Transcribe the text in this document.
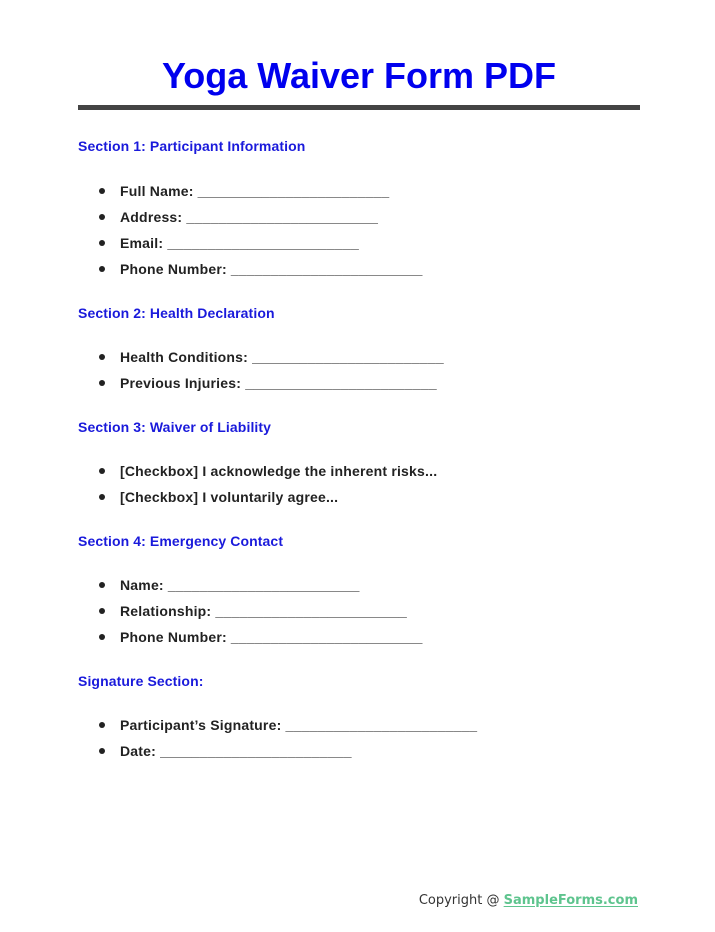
Yoga Waiver Form PDF
Section 1: Participant Information
Full Name: ________________________
Address: ________________________
Email: ________________________
Phone Number: ________________________
Section 2: Health Declaration
Health Conditions: ________________________
Previous Injuries: ________________________
Section 3: Waiver of Liability
[Checkbox] I acknowledge the inherent risks...
[Checkbox] I voluntarily agree...
Section 4: Emergency Contact
Name: ________________________
Relationship: ________________________
Phone Number: ________________________
Signature Section:
Participant’s Signature: ________________________
Date: ________________________
Copyright @ SampleForms.com
